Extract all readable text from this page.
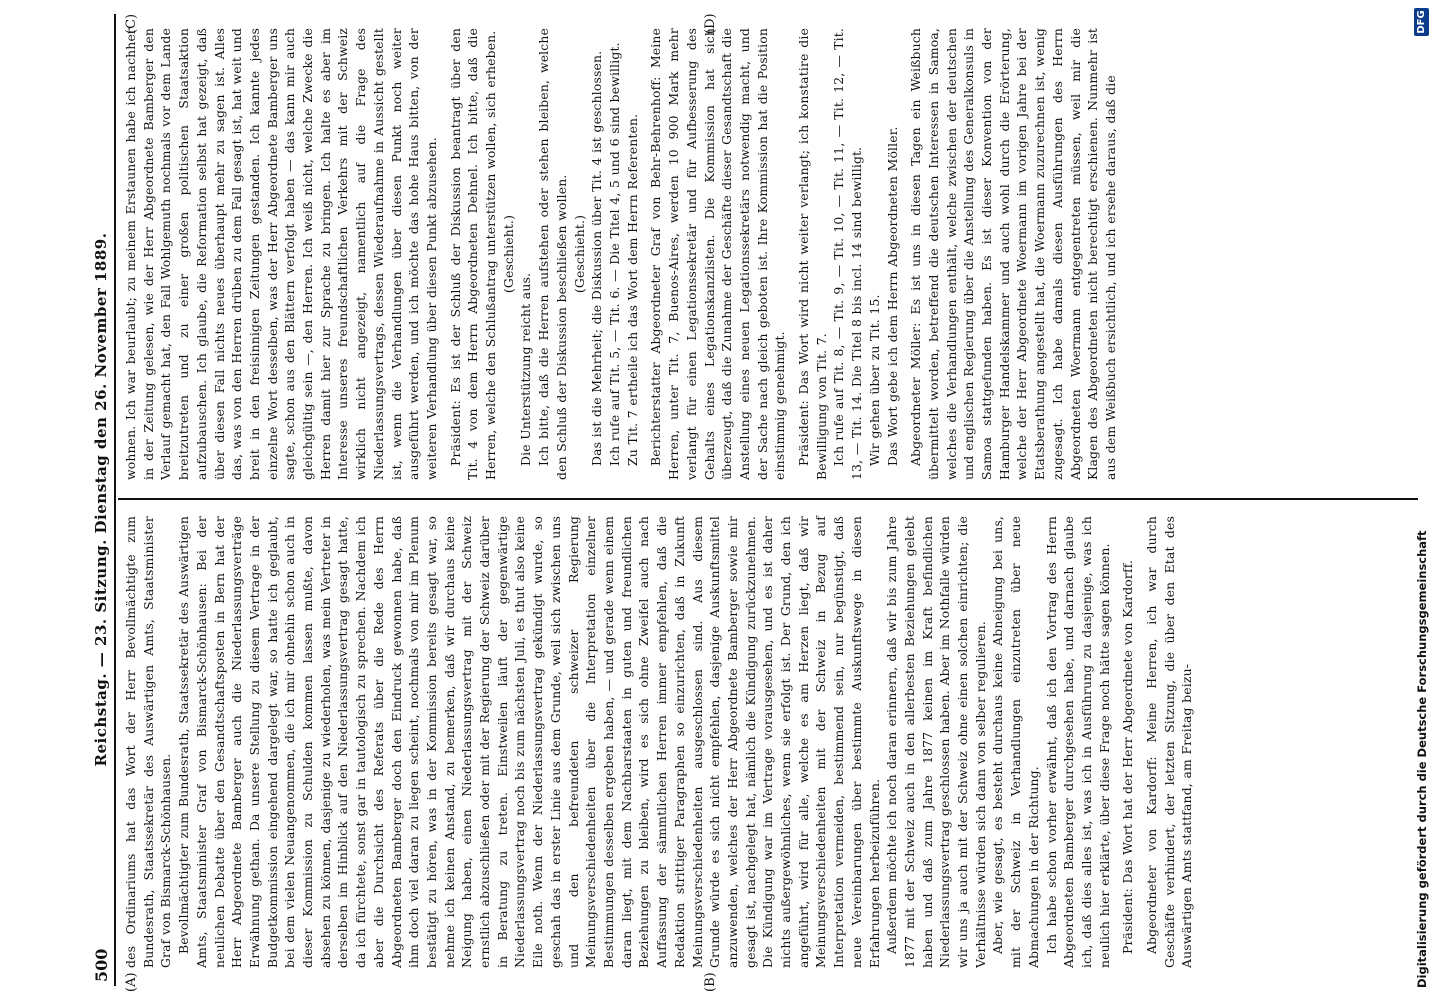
500
Reichstag. — 23. Sitzung. Dienstag den 26. November 1889.
(A)	(B)
(C)	(D)

des Ordinariums hat das Wort der Herr Bevollmächtigte zum Bundesrath, Staatssekretär des Auswärtigen Amts, Staatsminister Graf von Bismarck-Schönhausen. Bevollmächtigter zum Bundesrath, Staatssekretär des Auswärtigen Amts, Staatsminister Graf von Bismarck-Schönhausen: Bei der neulichen Debatte über den Gesandtschaftsposten in Bern hat der Herr Abgeordnete Bamberger auch die Niederlassungsverträge Erwähnung gethan. Da unsere Stellung zu diesem Vertrage in der Budgetkommission eingehend dargelegt war, so hatte ich geglaubt, bei dem vielen Neuangenommen, die ich mir ohnehin schon auch in dieser Kommission zu Schulden kommen lassen mußte, davon absehen zu können, dasjenige zu wiederholen, was mein Vertreter in derselben im Hinblick auf den Niederlassungsvertrag gesagt hatte, da ich fürchtete, sonst gar in tautologisch zu sprechen. Nachdem ich aber die Durchsicht des Referats über die Rede des Herrn Abgeordneten Bamberger doch den Eindruck gewonnen habe, daß ihm doch viel daran zu liegen scheint, nochmals von mir im Plenum bestätigt zu hören, was in der Kommission bereits gesagt war, so nehme ich keinen Anstand, zu bemerken, daß wir durchaus keine Neigung haben, einen Niederlassungsvertrag mit der Schweiz ernstlich abzuschließen oder mit der Regierung der Schweiz darüber in Beratung zu treten. Einstweilen läuft der gegenwärtige Niederlassungsvertrag noch bis zum nächsten Juli, es thut also keine Eile noth. Wenn der Niederlassungsvertrag gekündigt wurde, so geschah das in erster Linie aus dem Grunde, weil sich zwischen uns und den befreundeten schweizer Regierung Meinungsverschiedenheiten über die Interpretation einzelner Bestimmungen desselben ergeben haben, — und gerade wenn einem daran liegt, mit dem Nachbarstaaten in guten und freundlichen Beziehungen zu bleiben, wird es sich ohne Zweifel auch nach Auffassung der sämmtlichen Herren immer empfehlen, daß die Redaktion strittiger Paragraphen so einzurichten, daß in Zukunft Meinungsverschiedenheiten ausgeschlossen sind. Aus diesem Grunde würde es sich nicht empfehlen, dasjenige Auskunftsmittel anzuwenden, welches der Herr Abgeordnete Bamberger sowie mir gesagt ist, nachgelegt hat, nämlich die Kündigung zurückzunehmen. Die Kündigung war im Vertrage vorausgesehen, und es ist daher nichts außergewöhnliches, wenn sie erfolgt ist. Der Grund, den ich angeführt, wird für alle, welche es am Herzen liegt, daß wir Meinungsverschiedenheiten mit der Schweiz in Bezug auf Interpretation vermeiden, bestimmend sein, nur begünstigt, daß neue Vereinbarungen über bestimmte Auskunftswege in diesen Erfahrungen herbeizuführen. Außerdem möchte ich noch daran erinnern, daß wir bis zum Jahre 1877 mit der Schweiz auch in den allerbesten Beziehungen gelebt haben und daß zum Jahre 1877 keinen im Kraft befindlichen Niederlassungsvertrag geschlossen haben. Aber im Nothfalle würden wir uns ja auch mit der Schweiz ohne einen solchen einrichten; die Verhältnisse würden sich dann von selber regulieren. Aber, wie gesagt, es besteht durchaus keine Abneigung bei uns, mit der Schweiz in Verhandlungen einzutreten über neue Abmachungen in der Richtung. Ich habe schon vorher erwähnt, daß ich den Vortrag des Herrn Abgeordneten Bamberger durchgesehen habe, und darnach glaube ich, daß dies alles ist, was ich in Ausführung zu dasjenige, was ich neulich hier erklärte, über diese Frage noch hätte sagen können. Präsident: Das Wort hat der Herr Abgeordnete von Kardorff. Abgeordneter von Kardorff: Meine Herren, ich war durch Geschäfte verhindert, der letzten Sitzung, die über den Etat des Auswärtigen Amts stattfand, am Freitag beizu-

wohnen. Ich war beurlaubt; zu meinem Erstaunen habe ich nachher in der Zeitung gelesen, wie der Herr Abgeordnete Bamberger den Verlauf gemacht hat, den Fall Wohlgemuth nochmals vor dem Lande breitzutreten und zu einer großen politischen Staatsaktion aufzubauschen. Ich glaube, die Reformation selbst hat gezeigt, daß über diesen Fall nichts neues überhaupt mehr zu sagen ist. Alles das, was von den Herren drüben zu dem Fall gesagt ist, hat weit und breit in den freisinnigen Zeitungen gestanden. Ich kannte jedes einzelne Wort desselben, was der Herr Abgeordnete Bamberger uns sagte, schon aus den Blättern verfolgt haben — das kann mir auch gleichgültig sein —, den Herren. Ich weiß nicht, welche Zwecke die Herren damit hier zur Sprache zu bringen. Ich halte es aber im Interesse unseres freundschaftlichen Verkehrs mit der Schweiz wirklich nicht angezeigt, namentlich auf die Frage des Niederlassungsvertrags, dessen Wiederaufnahme in Aussicht gestellt ist, wenn die Verhandlungen über diesen Punkt noch weiter ausgeführt werden, und ich möchte das hohe Haus bitten, von der weiteren Verhandlung über diesen Punkt abzusehen. Präsident: Es ist der Schluß der Diskussion beantragt über den Tit. 4 von dem Herrn Abgeordneten Dehnel. Ich bitte, daß die Herren, welche den Schlußantrag unterstützen wollen, sich erheben. (Geschieht.)

Die Unterstützung reicht aus. Ich bitte, daß die Herren aufstehen oder stehen bleiben, welche den Schluß der Diskussion beschließen wollen. (Geschieht.) Das ist die Mehrheit; die Diskussion über Tit. 4 ist geschlossen. Ich rufe auf Tit. 5, — Tit. 6. — Die Titel 4, 5 und 6 sind bewilligt. Zu Tit. 7 ertheile ich das Wort dem Herrn Referenten. Berichterstatter Abgeordneter Graf von Behr-Behrenhoff: Meine Herren, unter Tit. 7, Buenos-Aires, werden 10 900 Mark mehr verlangt für einen Legationssekretär und für Aufbesserung des Gehalts eines Legationskanzlisten. Die Kommission hat sich überzeugt, daß die Zunahme der Geschäfte dieser Gesandtschaft die Anstellung eines neuen Legationssekretärs notwendig macht, und der Sache nach gleich geboten ist. Ihre Kommission hat die Position einstimmig genehmigt. Präsident: Das Wort wird nicht weiter verlangt; ich konstatire die Bewilligung von Tit. 7. Ich rufe auf Tit. 8, — Tit. 9, — Tit. 10, — Tit. 11, — Tit. 12, — Tit. 13, — Tit. 14. Die Titel 8 bis incl. 14 sind bewilligt. Wir gehen über zu Tit. 15. Das Wort gebe ich dem Herrn Abgeordneten Möller. Abgeordneter Möller: Es ist uns in diesen Tagen ein Weißbuch übermittelt worden, betreffend die deutschen Interessen in Samoa, welches die Verhandlungen enthält, welche zwischen der deutschen und englischen Regierung über die Anstellung des Generalkonsuls in Samoa stattgefunden haben. Es ist dieser Konvention von der Hamburger Handelskammer und auch wohl durch die Erörterung, welche der Herr Abgeordnete Woermann im vorigen Jahre bei der Etatsberathung angestellt hat, die Woermann zuzurechnen ist, wenig zugesagt. Ich habe damals diesen Ausführungen des Herrn Abgeordneten Woermann entgegentreten müssen, weil mir die Klagen des Abgeordneten nicht berechtigt erschienen. Nunmehr ist aus dem Weißbuch ersichtlich, und ich ersehe daraus, daß die

Digitalisierung gefördert durch die Deutsche Forschungsgemeinschaft
DFG
